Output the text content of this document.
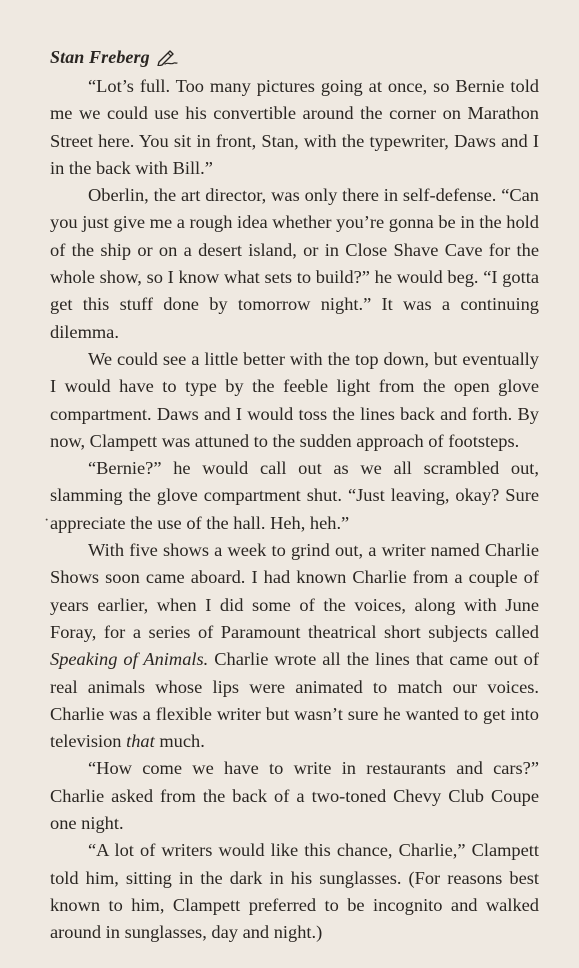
Stan Freberg

“Lot’s full. Too many pictures going at once, so Bernie told me we could use his convertible around the corner on Marathon Street here. You sit in front, Stan, with the typewriter, Daws and I in the back with Bill.”

Oberlin, the art director, was only there in self-defense. “Can you just give me a rough idea whether you’re gonna be in the hold of the ship or on a desert island, or in Close Shave Cave for the whole show, so I know what sets to build?” he would beg. “I gotta get this stuff done by tomorrow night.” It was a continuing dilemma.

We could see a little better with the top down, but eventually I would have to type by the feeble light from the open glove compartment. Daws and I would toss the lines back and forth. By now, Clampett was attuned to the sudden approach of footsteps.

“Bernie?” he would call out as we all scrambled out, slamming the glove compartment shut. “Just leaving, okay? Sure appreciate the use of the hall. Heh, heh.”

With five shows a week to grind out, a writer named Charlie Shows soon came aboard. I had known Charlie from a couple of years earlier, when I did some of the voices, along with June Foray, for a series of Paramount theatrical short subjects called Speaking of Animals. Charlie wrote all the lines that came out of real animals whose lips were animated to match our voices. Charlie was a flexible writer but wasn’t sure he wanted to get into television that much.

“How come we have to write in restaurants and cars?” Charlie asked from the back of a two-toned Chevy Club Coupe one night.

“A lot of writers would like this chance, Charlie,” Clampett told him, sitting in the dark in his sunglasses. (For reasons best known to him, Clampett preferred to be incognito and walked around in sunglasses, day and night.)

·
